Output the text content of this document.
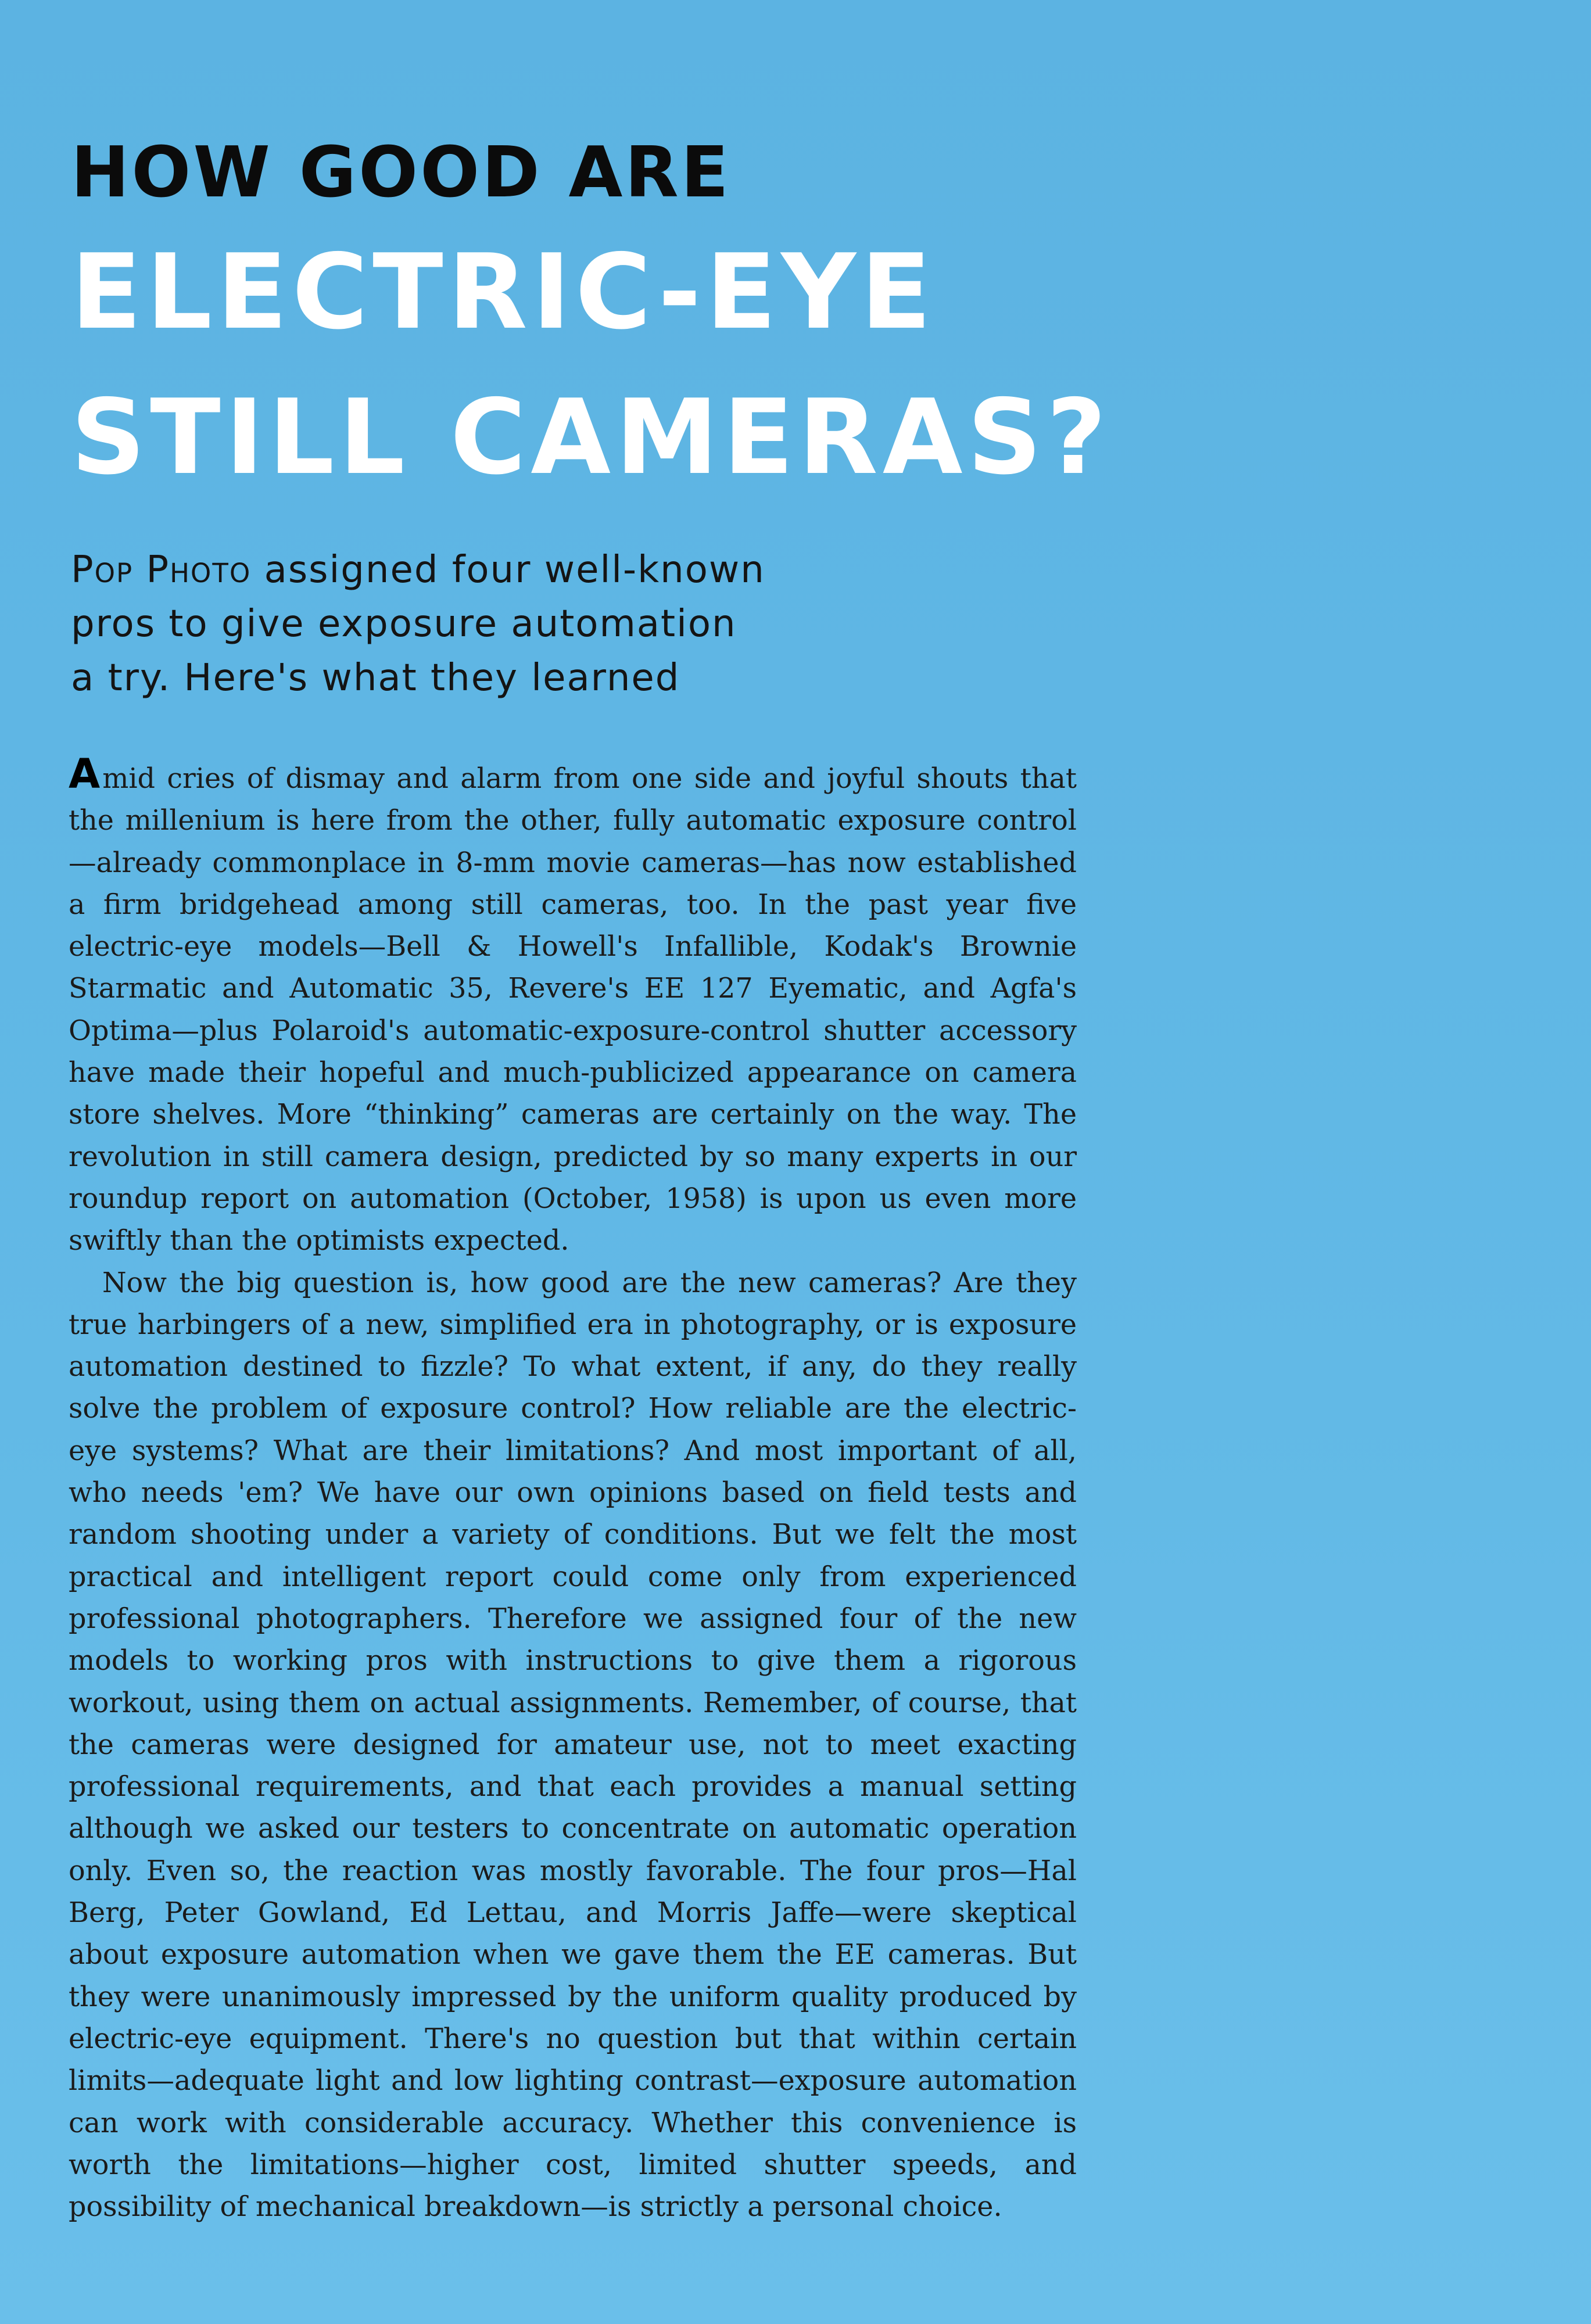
HOW GOOD ARE
ELECTRIC-EYE
STILL CAMERAS?
Pop Photo assigned four well-known
pros to give exposure automation
a try. Here's what they learned

Amid cries of dismay and alarm from one side and joyful shouts that the millenium is here from the other, fully automatic exposure control—already commonplace in 8-mm movie cameras—has now established a firm bridgehead among still cameras, too. In the past year five electric-eye models—Bell & Howell's Infallible, Kodak's Brownie Starmatic and Automatic 35, Revere's EE 127 Eyematic, and Agfa's Optima—plus Polaroid's automatic-exposure-control shutter accessory have made their hopeful and much-publicized appearance on camera store shelves. More “thinking” cameras are certainly on the way. The revolution in still camera design, predicted by so many experts in our roundup report on automation (October, 1958) is upon us even more swiftly than the optimists expected.

Now the big question is, how good are the new cameras? Are they true harbingers of a new, simplified era in photography, or is exposure automation destined to fizzle? To what extent, if any, do they really solve the problem of exposure control? How reliable are the electric-eye systems? What are their limitations? And most important of all, who needs 'em? We have our own opinions based on field tests and random shooting under a variety of conditions. But we felt the most practical and intelligent report could come only from experienced professional photographers. Therefore we assigned four of the new models to working pros with instructions to give them a rigorous workout, using them on actual assignments. Remember, of course, that the cameras were designed for amateur use, not to meet exacting professional requirements, and that each provides a manual setting although we asked our testers to concentrate on automatic operation only. Even so, the reaction was mostly favorable. The four pros—Hal Berg, Peter Gowland, Ed Lettau, and Morris Jaffe—were skeptical about exposure automation when we gave them the EE cameras. But they were unanimously impressed by the uniform quality produced by electric-eye equipment. There's no question but that within certain limits—adequate light and low lighting contrast—exposure automation can work with considerable accuracy. Whether this convenience is worth the limitations—higher cost, limited shutter speeds, and possibility of mechanical breakdown—is strictly a personal choice.
